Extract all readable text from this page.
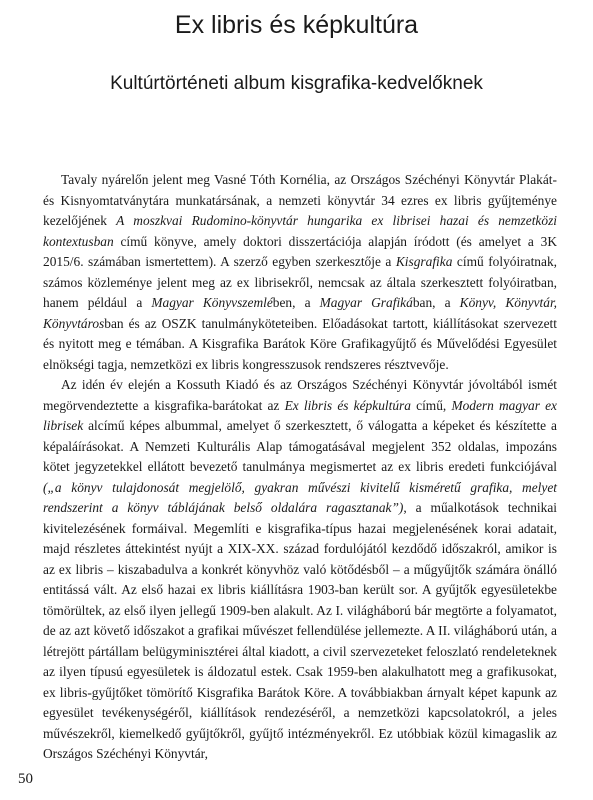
Ex libris és képkultúra
Kultúrtörténeti album kisgrafika-kedvelőknek

Tavaly nyárelőn jelent meg Vasné Tóth Kornélia, az Országos Széchényi Könyvtár Plakát- és Kisnyomtatványtára munkatársának, a nemzeti könyvtár 34 ezres ex libris gyűjteménye kezelőjének A moszkvai Rudomino-könyvtár hungarika ex librisei hazai és nemzetközi kontextusban című könyve, amely doktori disszertációja alapján íródott (és amelyet a 3K 2015/6. számában ismertettem). A szerző egyben szerkesztője a Kisgrafika című folyóiratnak, számos közleménye jelent meg az ex librisekről, nemcsak az általa szerkesztett folyóiratban, hanem például a Magyar Könyvszemlében, a Magyar Grafikában, a Könyv, Könyvtár, Könyvtárosban és az OSZK tanulmányköteteiben. Előadásokat tartott, kiállításokat szervezett és nyitott meg e témában. A Kisgrafika Barátok Köre Grafikagyűjtő és Művelődési Egyesület elnökségi tagja, nemzetközi ex libris kongresszusok rendszeres résztvevője.

Az idén év elején a Kossuth Kiadó és az Országos Széchényi Könyvtár jóvoltából ismét megörvendeztette a kisgrafika-barátokat az Ex libris és képkultúra című, Modern magyar ex librisek alcímű képes albummal, amelyet ő szerkesztett, ő válogatta a képeket és készítette a képaláírásokat. A Nemzeti Kulturális Alap támogatásával megjelent 352 oldalas, impozáns kötet jegyzetekkel ellátott bevezető tanulmánya megismertet az ex libris eredeti funkciójával („a könyv tulajdonosát megjelölő, gyakran művészi kivitelű kisméretű grafika, melyet rendszerint a könyv táblájának belső oldalára ragasztanak”), a műalkotások technikai kivitelezésének formáival. Megemlíti e kisgrafika-típus hazai megjelenésének korai adatait, majd részletes áttekintést nyújt a XIX-XX. század fordulójától kezdődő időszakról, amikor is az ex libris – kiszabadulva a konkrét könyvhöz való kötődésből – a műgyűjtők számára önálló entitássá vált. Az első hazai ex libris kiállításra 1903-ban került sor. A gyűjtők egyesületekbe tömörültek, az első ilyen jellegű 1909-ben alakult. Az I. világháború bár megtörte a folyamatot, de az azt követő időszakot a grafikai művészet fellendülése jellemezte. A II. világháború után, a létrejött pártállam belügyminisztérei által kiadott, a civil szervezeteket feloszlató rendeleteknek az ilyen típusú egyesületek is áldozatul estek. Csak 1959-ben alakulhatott meg a grafikusokat, ex libris-gyűjtőket tömörítő Kisgrafika Barátok Köre. A továbbiakban árnyalt képet kapunk az egyesület tevékenységéről, kiállítások rendezéséről, a nemzetközi kapcsolatokról, a jeles művészekről, kiemelkedő gyűjtőkről, gyűjtő intézményekről. Ez utóbbiak közül kimagaslik az Országos Széchényi Könyvtár,

50
